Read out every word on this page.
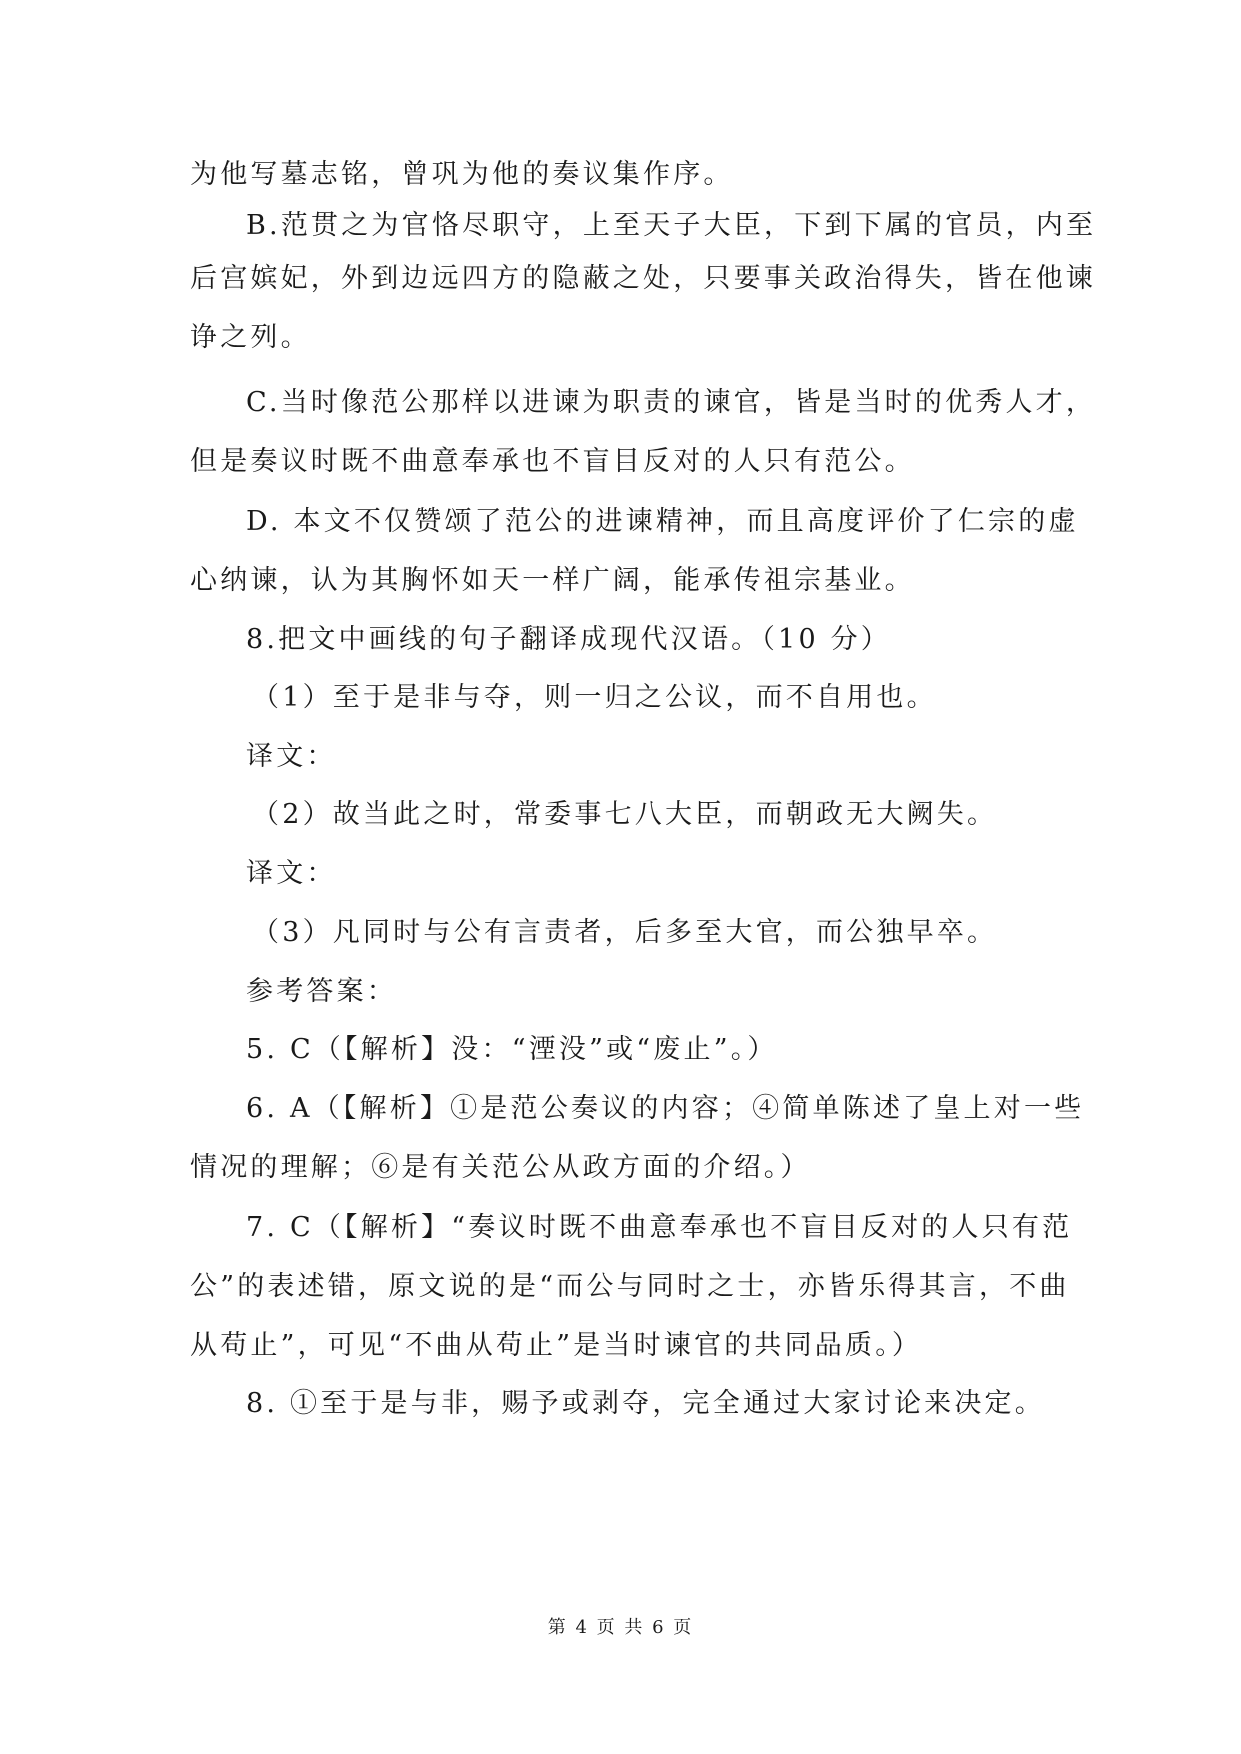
为他写墓志铭，曾巩为他的奏议集作序。
B.范贯之为官恪尽职守，上至天子大臣，下到下属的官员，内至
后宫嫔妃，外到边远四方的隐蔽之处，只要事关政治得失，皆在他谏
诤之列。
C.当时像范公那样以进谏为职责的谏官，皆是当时的优秀人才，
但是奏议时既不曲意奉承也不盲目反对的人只有范公。
D. 本文不仅赞颂了范公的进谏精神，而且高度评价了仁宗的虚
心纳谏，认为其胸怀如天一样广阔，能承传祖宗基业。
8.把文中画线的句子翻译成现代汉语。（10 分）
（1）至于是非与夺，则一归之公议，而不自用也。
译文：
（2）故当此之时，常委事七八大臣，而朝政无大阙失。
译文：
（3）凡同时与公有言责者，后多至大官，而公独早卒。
参考答案：
5. C（【解析】没：“湮没”或“废止”。）
6. A（【解析】①是范公奏议的内容；④简单陈述了皇上对一些
情况的理解；⑥是有关范公从政方面的介绍。）
7. C（【解析】“奏议时既不曲意奉承也不盲目反对的人只有范
公”的表述错，原文说的是“而公与同时之士，亦皆乐得其言，不曲
从苟止”，可见“不曲从苟止”是当时谏官的共同品质。）
8. ①至于是与非，赐予或剥夺，完全通过大家讨论来决定。
第 4 页 共 6 页
